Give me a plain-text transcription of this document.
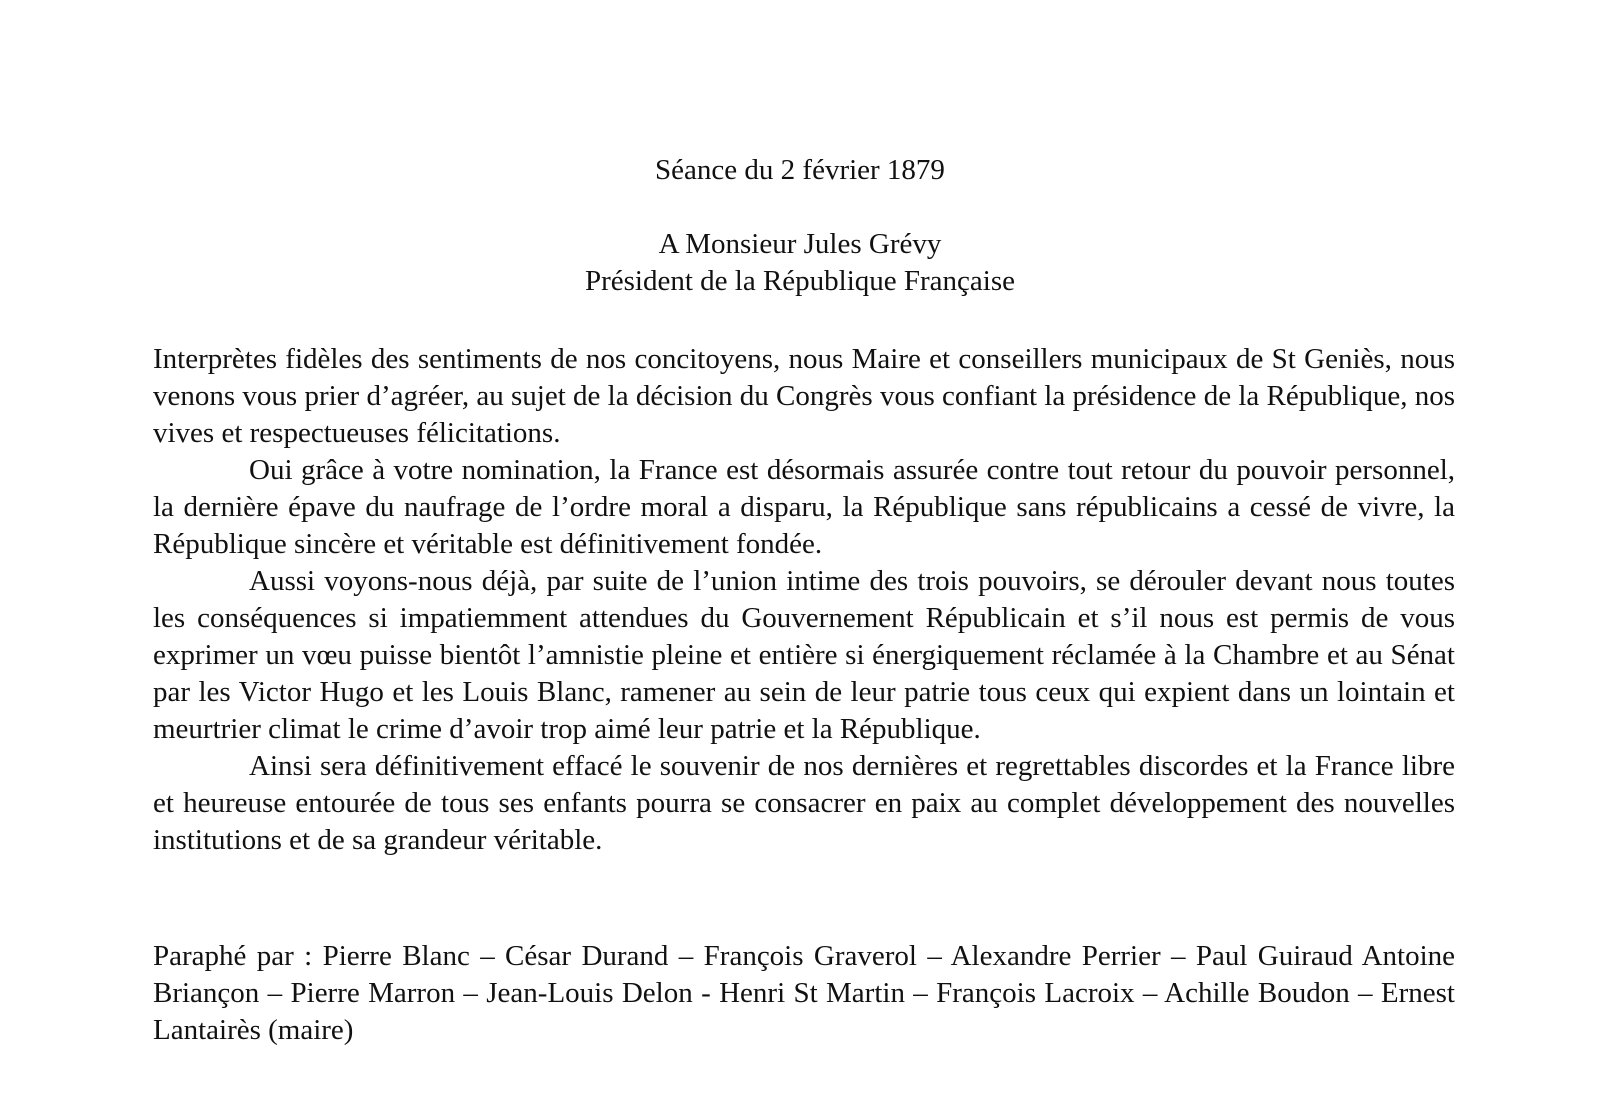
Séance du 2 février 1879
A Monsieur Jules Grévy
Président de la République Française

Interprètes fidèles des sentiments de nos concitoyens, nous Maire et conseillers municipaux de St Geniès, nous venons vous prier d’agréer, au sujet de la décision du Congrès vous confiant la présidence de la République, nos vives et respectueuses félicitations.

Oui grâce à votre nomination, la France est désormais assurée contre tout retour du pouvoir personnel, la dernière épave du naufrage de l’ordre moral a disparu, la République sans républicains a cessé de vivre, la République sincère et véritable est définitivement fondée.

Aussi voyons-nous déjà, par suite de l’union intime des trois pouvoirs, se dérouler devant nous toutes les conséquences si impatiemment attendues du Gouvernement Républicain et s’il nous est permis de vous exprimer un vœu puisse bientôt l’amnistie pleine et entière si énergiquement réclamée à la Chambre et au Sénat par les Victor Hugo et les Louis Blanc, ramener au sein de leur patrie tous ceux qui expient dans un lointain et meurtrier climat le crime d’avoir trop aimé leur patrie et la République.

Ainsi sera définitivement effacé le souvenir de nos dernières et regrettables discordes et la France libre et heureuse entourée de tous ses enfants pourra se consacrer en paix au complet développement des nouvelles institutions et de sa grandeur véritable.

Paraphé par : Pierre Blanc – César Durand – François Graverol – Alexandre Perrier – Paul Guiraud Antoine Briançon – Pierre Marron – Jean-Louis Delon - Henri St Martin – François Lacroix – Achille Boudon – Ernest Lantairès (maire)
